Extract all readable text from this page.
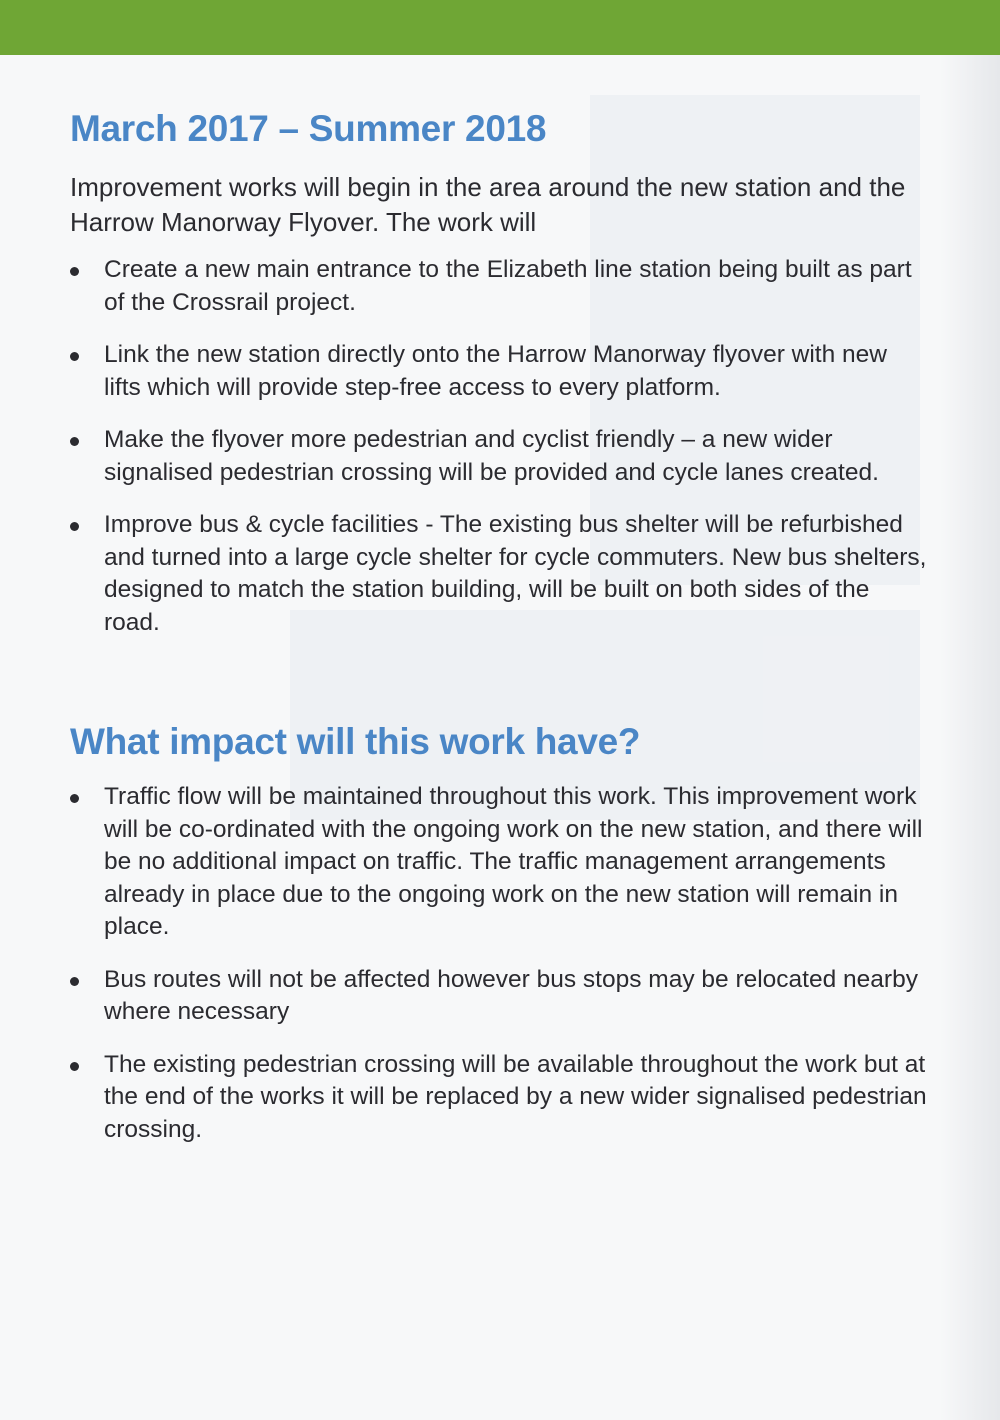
March 2017 – Summer 2018

Improvement works will begin in the area around the new station and the Harrow Manorway Flyover. The work will

Create a new main entrance to the Elizabeth line station being built as part of the Crossrail project.
Link the new station directly onto the Harrow Manorway flyover with new lifts which will provide step-free access to every platform.
Make the flyover more pedestrian and cyclist friendly – a new wider signalised pedestrian crossing will be provided and cycle lanes created.
Improve bus & cycle facilities - The existing bus shelter will be refurbished and turned into a large cycle shelter for cycle commuters. New bus shelters, designed to match the station building, will be built on both sides of the road.
What impact will this work have?
Traffic flow will be maintained throughout this work. This improvement work will be co-ordinated with the ongoing work on the new station, and there will be no additional impact on traffic. The traffic management arrangements already in place due to the ongoing work on the new station will remain in place.
Bus routes will not be affected however bus stops may be relocated nearby where necessary
The existing pedestrian crossing will be available throughout the work but at the end of the works it will be replaced by a new wider signalised pedestrian crossing.
